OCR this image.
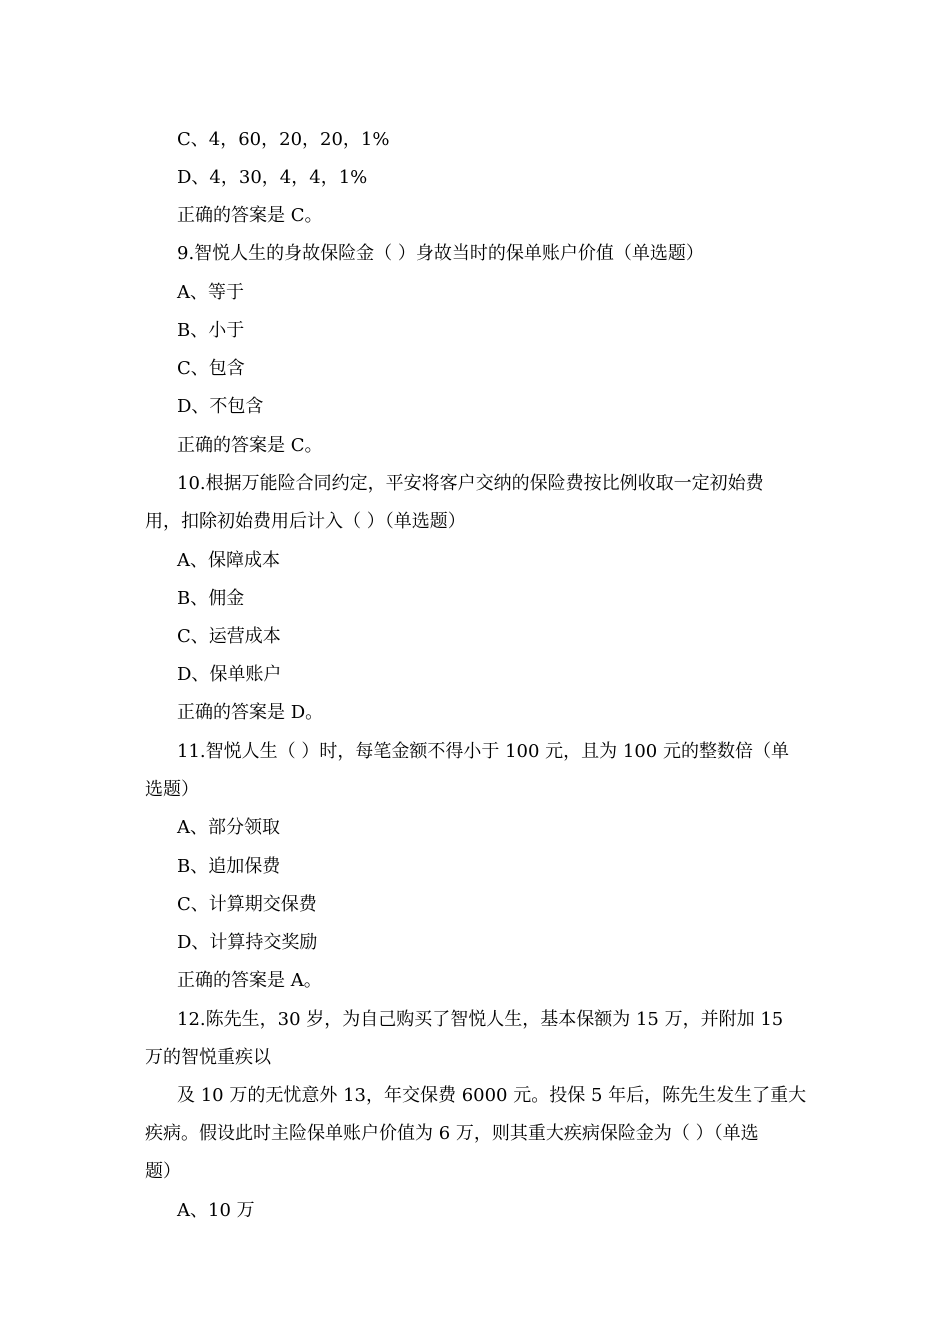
C、4，60，20，20，1%
D、4，30，4，4，1%
正确的答案是 C。
9.智悦人生的身故保险金（ ）身故当时的保单账户价值（单选题）
A、等于
B、小于
C、包含
D、不包含
正确的答案是 C。
10.根据万能险合同约定，平安将客户交纳的保险费按比例收取一定初始费
用，扣除初始费用后计入（ ）（单选题）
A、保障成本
B、佣金
C、运营成本
D、保单账户
正确的答案是 D。
11.智悦人生（ ）时，每笔金额不得小于 100 元，且为 100 元的整数倍（单
选题）
A、部分领取
B、追加保费
C、计算期交保费
D、计算持交奖励
正确的答案是 A。
12.陈先生，30 岁，为自己购买了智悦人生，基本保额为 15 万，并附加 15
万的智悦重疾以
及 10 万的无忧意外 13，年交保费 6000 元。投保 5 年后，陈先生发生了重大
疾病。假设此时主险保单账户价值为 6 万，则其重大疾病保险金为（ ）（单选
题）
A、10 万
